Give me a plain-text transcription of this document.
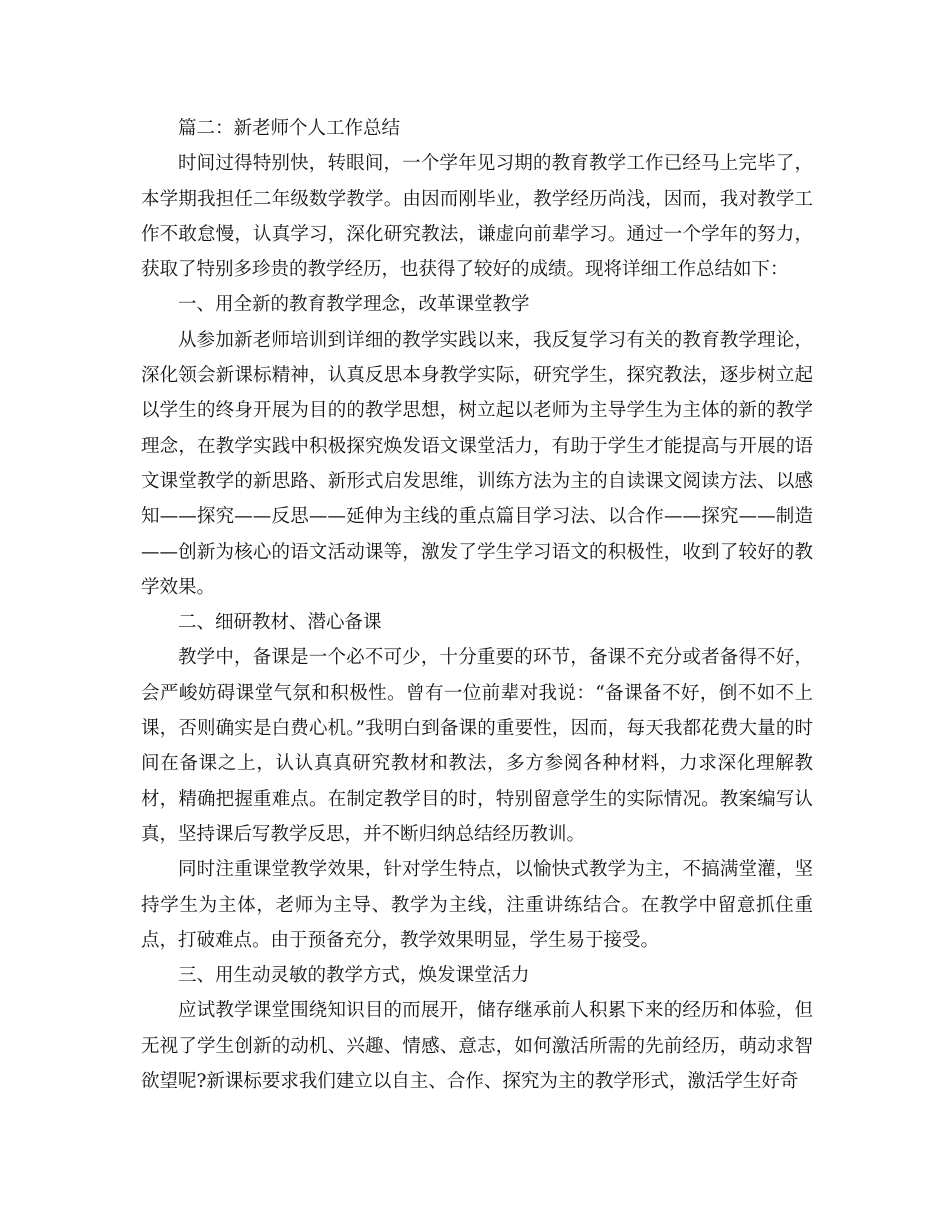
篇二：新老师个人工作总结

时间过得特别快，转眼间，一个学年见习期的教育教学工作已经马上完毕了，本学期我担任二年级数学教学。由因而刚毕业，教学经历尚浅，因而，我对教学工作不敢怠慢，认真学习，深化研究教法，谦虚向前辈学习。通过一个学年的努力，获取了特别多珍贵的教学经历，也获得了较好的成绩。现将详细工作总结如下：

一、用全新的教育教学理念，改革课堂教学

从参加新老师培训到详细的教学实践以来，我反复学习有关的教育教学理论，深化领会新课标精神，认真反思本身教学实际，研究学生，探究教法，逐步树立起以学生的终身开展为目的的教学思想，树立起以老师为主导学生为主体的新的教学理念，在教学实践中积极探究焕发语文课堂活力，有助于学生才能提高与开展的语文课堂教学的新思路、新形式启发思维，训练方法为主的自读课文阅读方法、以感知——探究——反思——延伸为主线的重点篇目学习法、以合作——探究——制造——创新为核心的语文活动课等，激发了学生学习语文的积极性，收到了较好的教学效果。

二、细研教材、潜心备课

教学中，备课是一个必不可少，十分重要的环节，备课不充分或者备得不好，会严峻妨碍课堂气氛和积极性。曾有一位前辈对我说：“备课备不好，倒不如不上课，否则确实是白费心机。”我明白到备课的重要性，因而，每天我都花费大量的时间在备课之上，认认真真研究教材和教法，多方参阅各种材料，力求深化理解教材，精确把握重难点。在制定教学目的时，特别留意学生的实际情况。教案编写认真，坚持课后写教学反思，并不断归纳总结经历教训。

同时注重课堂教学效果，针对学生特点，以愉快式教学为主，不搞满堂灌，坚持学生为主体，老师为主导、教学为主线，注重讲练结合。在教学中留意抓住重点，打破难点。由于预备充分，教学效果明显，学生易于接受。

三、用生动灵敏的教学方式，焕发课堂活力

应试教学课堂围绕知识目的而展开，储存继承前人积累下来的经历和体验，但无视了学生创新的动机、兴趣、情感、意志，如何激活所需的先前经历，萌动求智欲望呢?新课标要求我们建立以自主、合作、探究为主的教学形式，激活学生好奇
